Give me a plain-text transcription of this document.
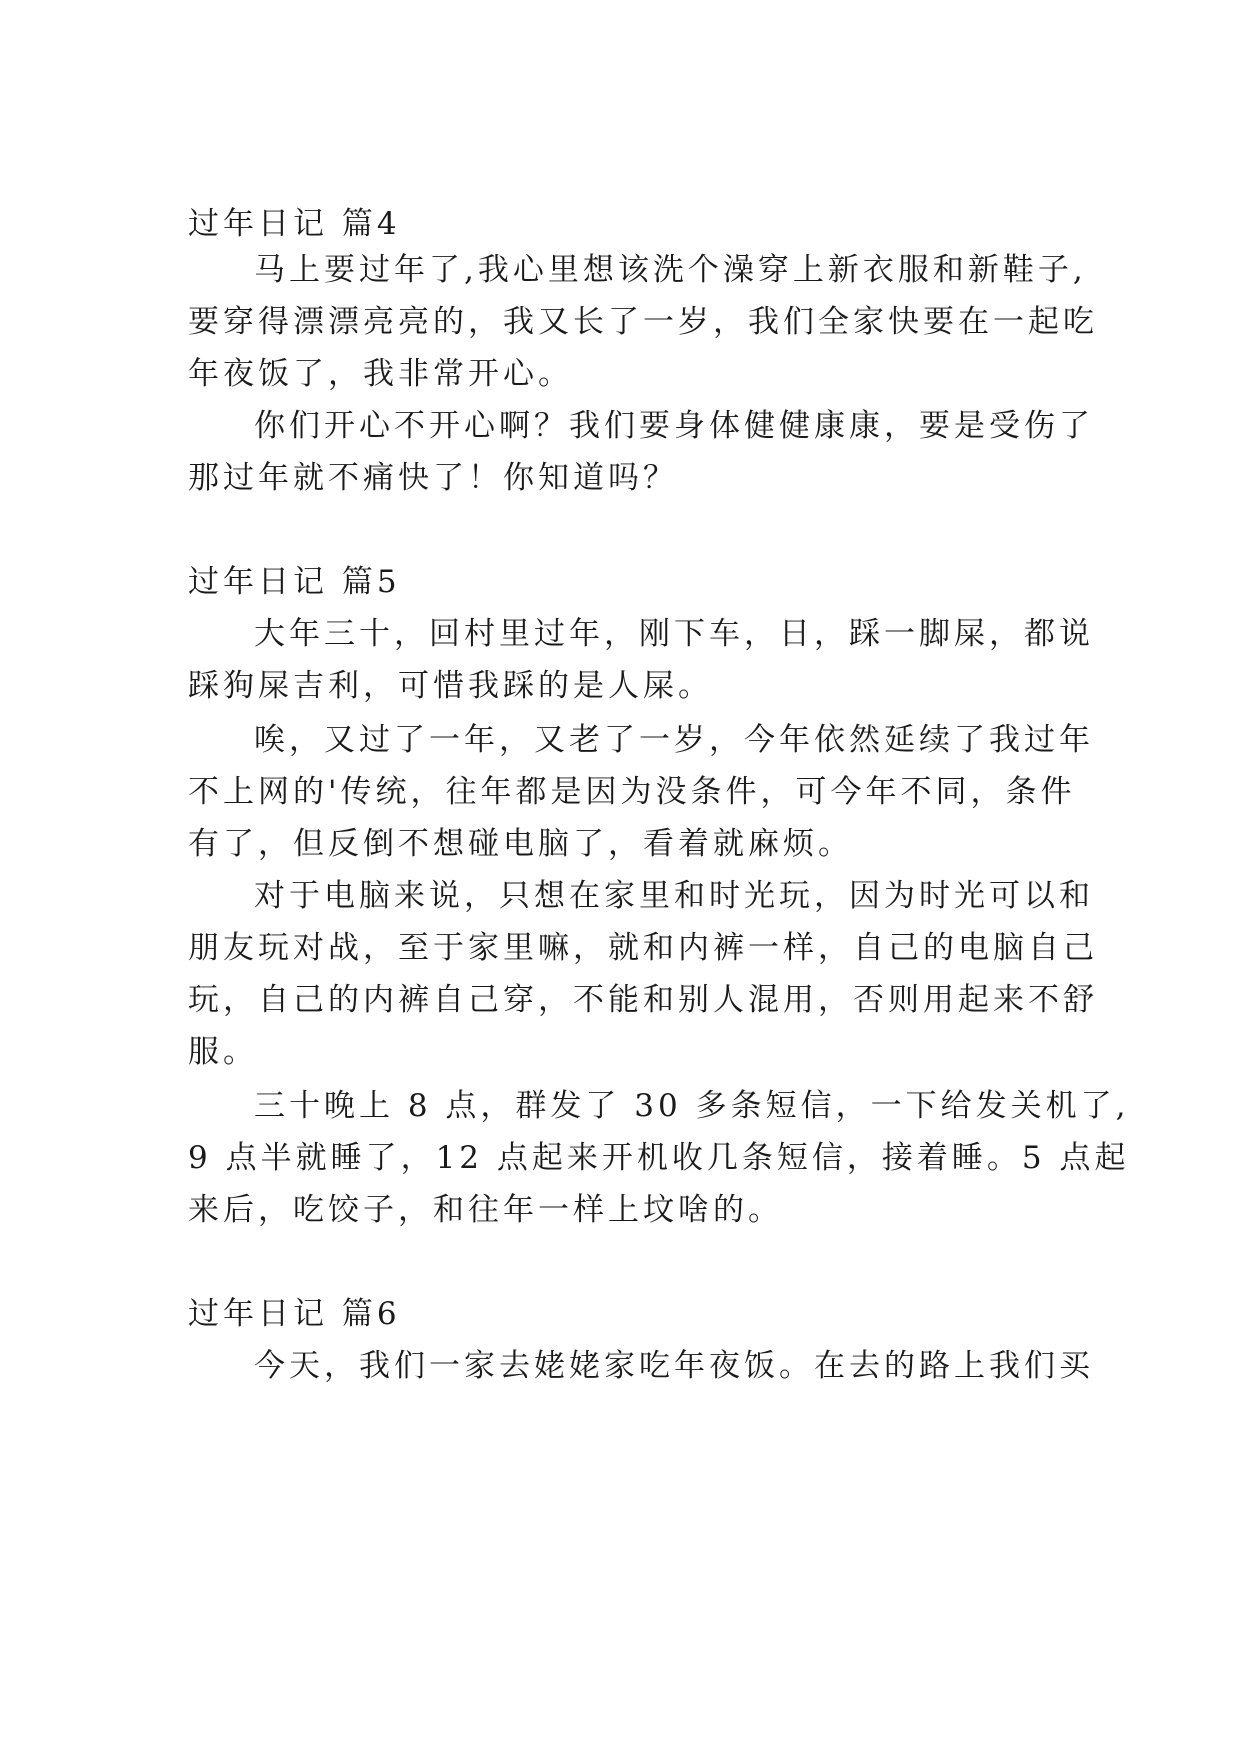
过年日记 篇4
马上要过年了,我心里想该洗个澡穿上新衣服和新鞋子,
要穿得漂漂亮亮的，我又长了一岁，我们全家快要在一起吃
年夜饭了，我非常开心。
你们开心不开心啊？我们要身体健健康康，要是受伤了
那过年就不痛快了！你知道吗？
过年日记 篇5
大年三十，回村里过年，刚下车，日，踩一脚屎，都说
踩狗屎吉利，可惜我踩的是人屎。
唉，又过了一年，又老了一岁，今年依然延续了我过年
不上网的'传统，往年都是因为没条件，可今年不同，条件
有了，但反倒不想碰电脑了，看着就麻烦。
对于电脑来说，只想在家里和时光玩，因为时光可以和
朋友玩对战，至于家里嘛，就和内裤一样，自己的电脑自己
玩，自己的内裤自己穿，不能和别人混用，否则用起来不舒
服。
三十晚上 8 点，群发了 30 多条短信，一下给发关机了,
9 点半就睡了，12 点起来开机收几条短信，接着睡。5 点起
来后，吃饺子，和往年一样上坟啥的。
过年日记 篇6
今天，我们一家去姥姥家吃年夜饭。在去的路上我们买
